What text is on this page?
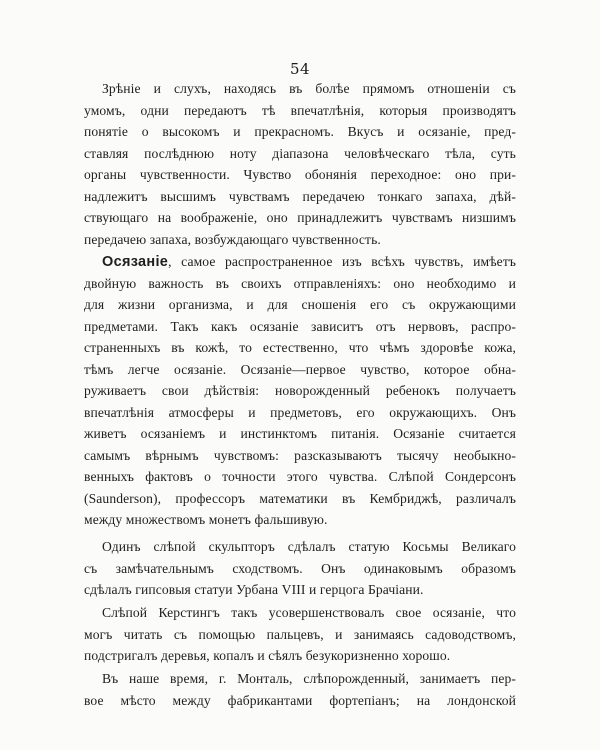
54
Зрѣніе и слухъ, находясь въ болѣе прямомъ отношеніи съ
умомъ, одни передаютъ тѣ впечатлѣнія, которыя производятъ
понятіе о высокомъ и прекрасномъ. Вкусъ и осязаніе, пред-
ставляя послѣднюю ноту діапазона человѣческаго тѣла, суть
органы чувственности. Чувство обонянія переходное: оно при-
надлежитъ высшимъ чувствамъ передачею тонкаго запаха, дѣй-
ствующаго на воображеніе, оно принадлежитъ чувствамъ низшимъ
передачею запаха, возбуждающаго чувственность.
Осязаніе, самое распространенное изъ всѣхъ чувствъ, имѣетъ
двойную важность въ своихъ отправленіяхъ: оно необходимо и
для жизни организма, и для сношенія его съ окружающими
предметами. Такъ какъ осязаніе зависитъ отъ нервовъ, распро-
страненныхъ въ кожѣ, то естественно, что чѣмъ здоровѣе кожа,
тѣмъ легче осязаніе. Осязаніе—первое чувство, которое обна-
руживаетъ свои дѣйствія: новорожденный ребенокъ получаетъ
впечатлѣнія атмосферы и предметовъ, его окружающихъ. Онъ
живетъ осязаніемъ и инстинктомъ питанія. Осязаніе считается
самымъ вѣрнымъ чувствомъ: разсказываютъ тысячу необыкно-
венныхъ фактовъ о точности этого чувства. Слѣпой Сондерсонъ
(Saunderson), профессоръ математики въ Кембриджѣ, различалъ
между множествомъ монетъ фальшивую.
Одинъ слѣпой скульпторъ сдѣлалъ статую Косьмы Великаго
съ замѣчательнымъ сходствомъ. Онъ одинаковымъ образомъ
сдѣлалъ гипсовыя статуи Урбана VIII и герцога Брачіани.
Слѣпой Керстингъ такъ усовершенствовалъ свое осязаніе, что
могъ читать съ помощью пальцевъ, и занимаясь садоводствомъ,
подстригалъ деревья, копалъ и сѣялъ безукоризненно хорошо.
Въ наше время, г. Монталь, слѣпорожденный, занимаетъ пер-
вое мѣсто между фабрикантами фортепіанъ; на лондонской
